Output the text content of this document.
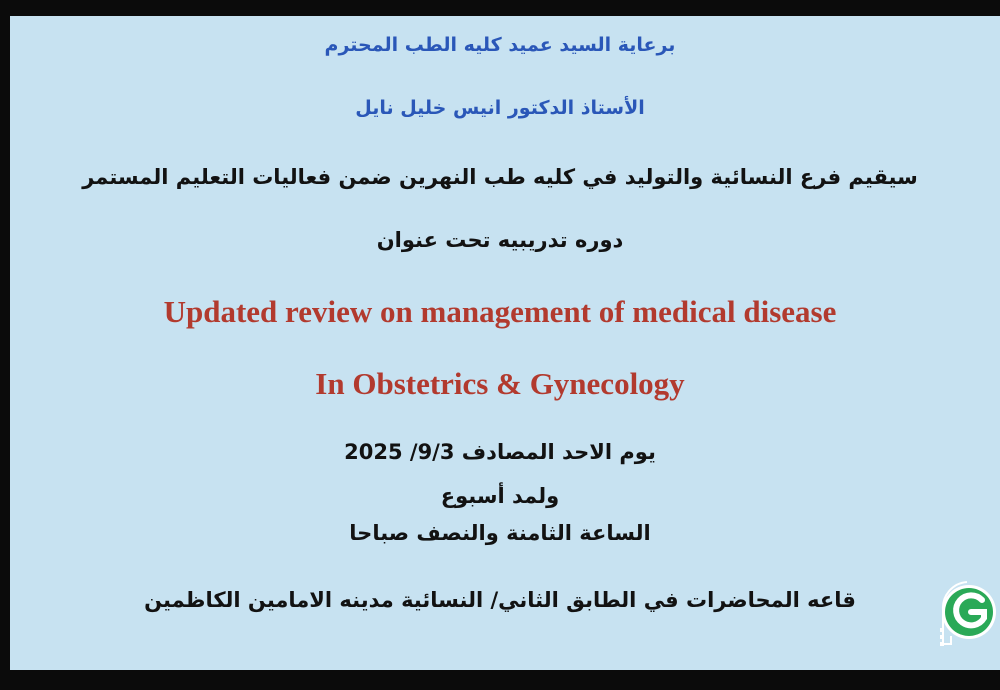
برعاية السيد عميد كليه الطب المحترم
الأستاذ الدكتور انيس خليل نايل
سيقيم فرع النسائية والتوليد في كليه طب النهرين ضمن فعاليات التعليم المستمر
دوره تدريبيه تحت عنوان
Updated review on management of medical disease
In Obstetrics & Gynecology
يوم الاحد المصادف 9/3/ 2025
ولمد أسبوع
الساعة الثامنة والنصف صباحا
قاعه المحاضرات في الطابق الثاني/ النسائية مدينه الامامين الكاظمين
